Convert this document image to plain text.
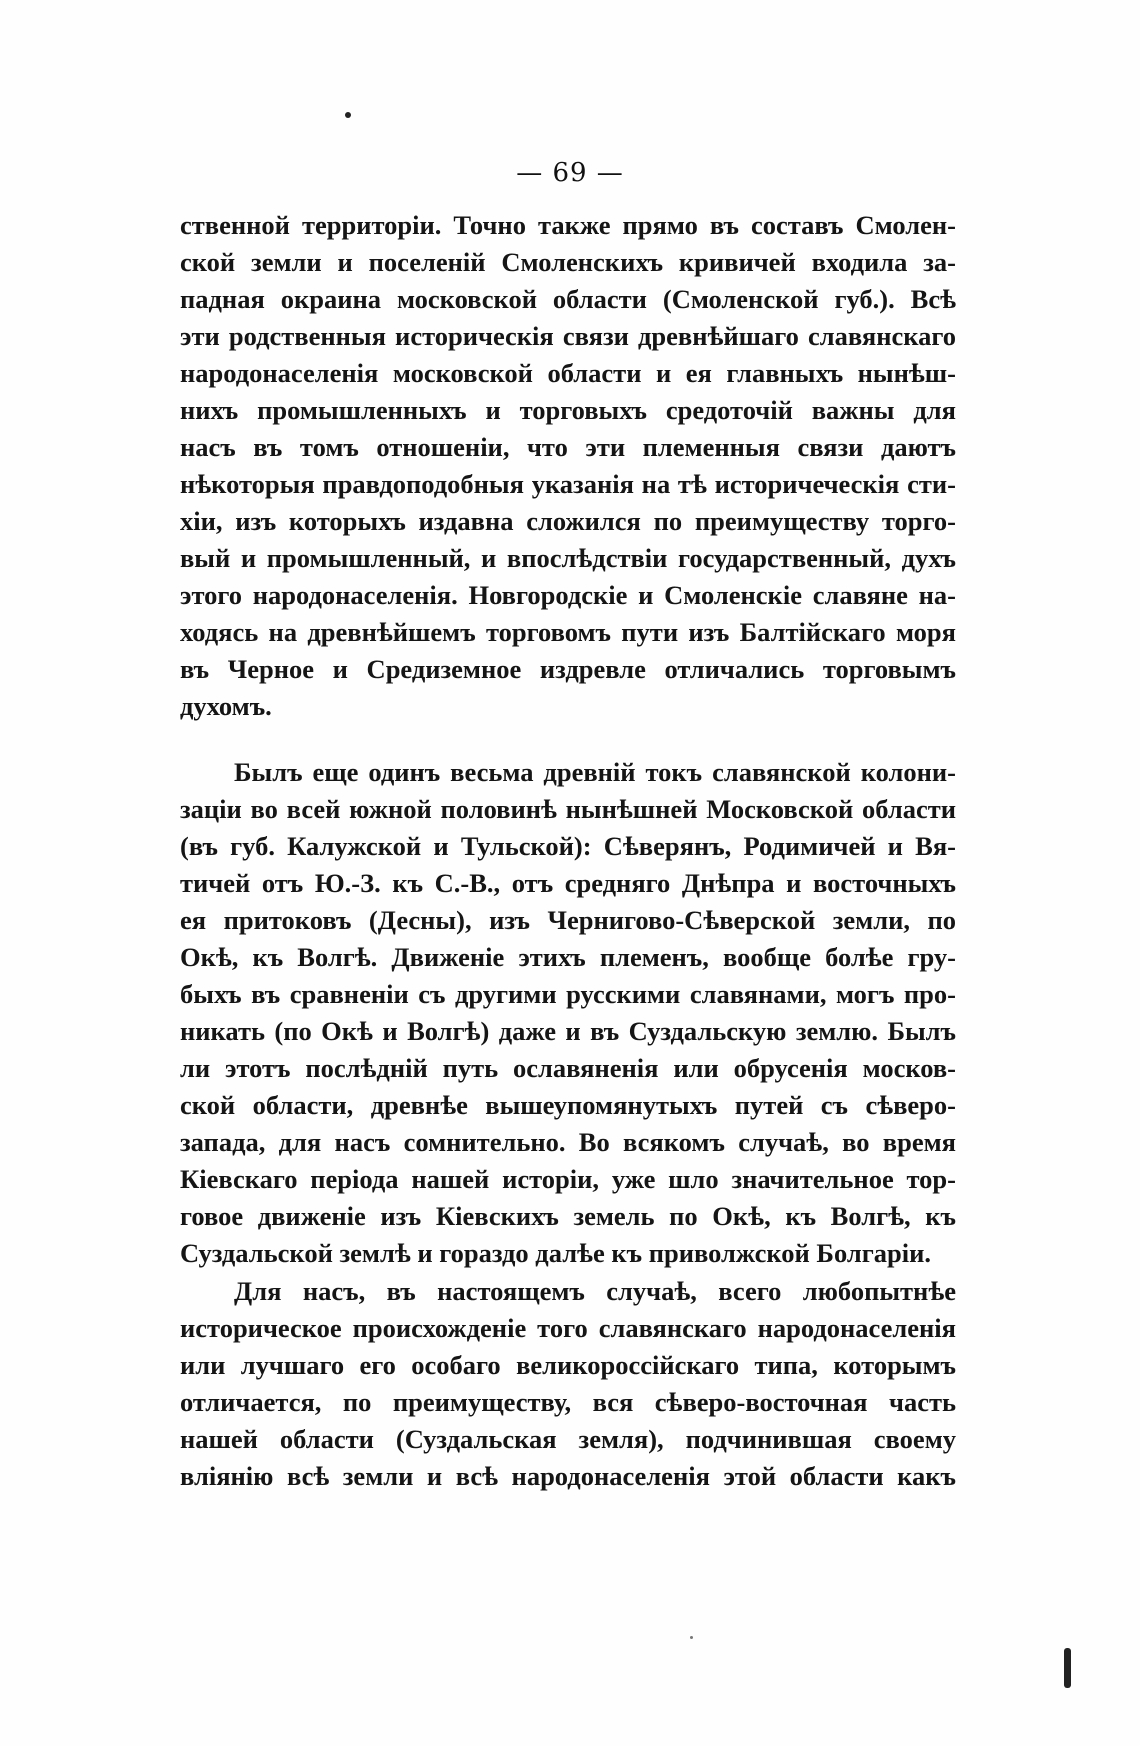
— 69 —
ственной территоріи. Точно также прямо въ составъ Смолен-
ской земли и поселеній Смоленскихъ кривичей входила за-
падная окраина московской области (Смоленской губ.). Всѣ
эти родственныя историческія связи древнѣйшаго славянскаго
народонаселенія московской области и ея главныхъ нынѣш-
нихъ промышленныхъ и торговыхъ средоточій важны для
насъ въ томъ отношеніи, что эти племенныя связи даютъ
нѣкоторыя правдоподобныя указанія на тѣ историчеческія сти-
хіи, изъ которыхъ издавна сложился по преимуществу торго-
вый и промышленный, и впослѣдствіи государственный, духъ
этого народонаселенія. Новгородскіе и Смоленскіе славяне на-
ходясь на древнѣйшемъ торговомъ пути изъ Балтійскаго моря
въ Черное и Средиземное издревле отличались торговымъ
духомъ.
Былъ еще одинъ весьма древній токъ славянской колони-
заціи во всей южной половинѣ нынѣшней Московской области
(въ губ. Калужской и Тульской): Сѣверянъ, Родимичей и Вя-
тичей отъ Ю.-З. къ С.-В., отъ средняго Днѣпра и восточныхъ
ея притоковъ (Десны), изъ Чернигово-Сѣверской земли, по
Окѣ, къ Волгѣ. Движеніе этихъ племенъ, вообще болѣе гру-
быхъ въ сравненіи съ другими русскими славянами, могъ про-
никать (по Окѣ и Волгѣ) даже и въ Суздальскую землю. Былъ
ли этотъ послѣдній путь ославяненія или обрусенія москов-
ской области, древнѣе вышеупомянутыхъ путей съ сѣверо-
запада, для насъ сомнительно. Во всякомъ случаѣ, во время
Кіевскаго періода нашей исторіи, уже шло значительное тор-
говое движеніе изъ Кіевскихъ земель по Окѣ, къ Волгѣ, къ
Суздальской землѣ и гораздо далѣе къ приволжской Болгаріи.
Для насъ, въ настоящемъ случаѣ, всего любопытнѣе
историческое происхожденіе того славянскаго народонаселенія
или лучшаго его особаго великороссійскаго типа, которымъ
отличается, по преимуществу, вся сѣверо-восточная часть
нашей области (Суздальская земля), подчинившая своему
вліянію всѣ земли и всѣ народонаселенія этой области какъ
